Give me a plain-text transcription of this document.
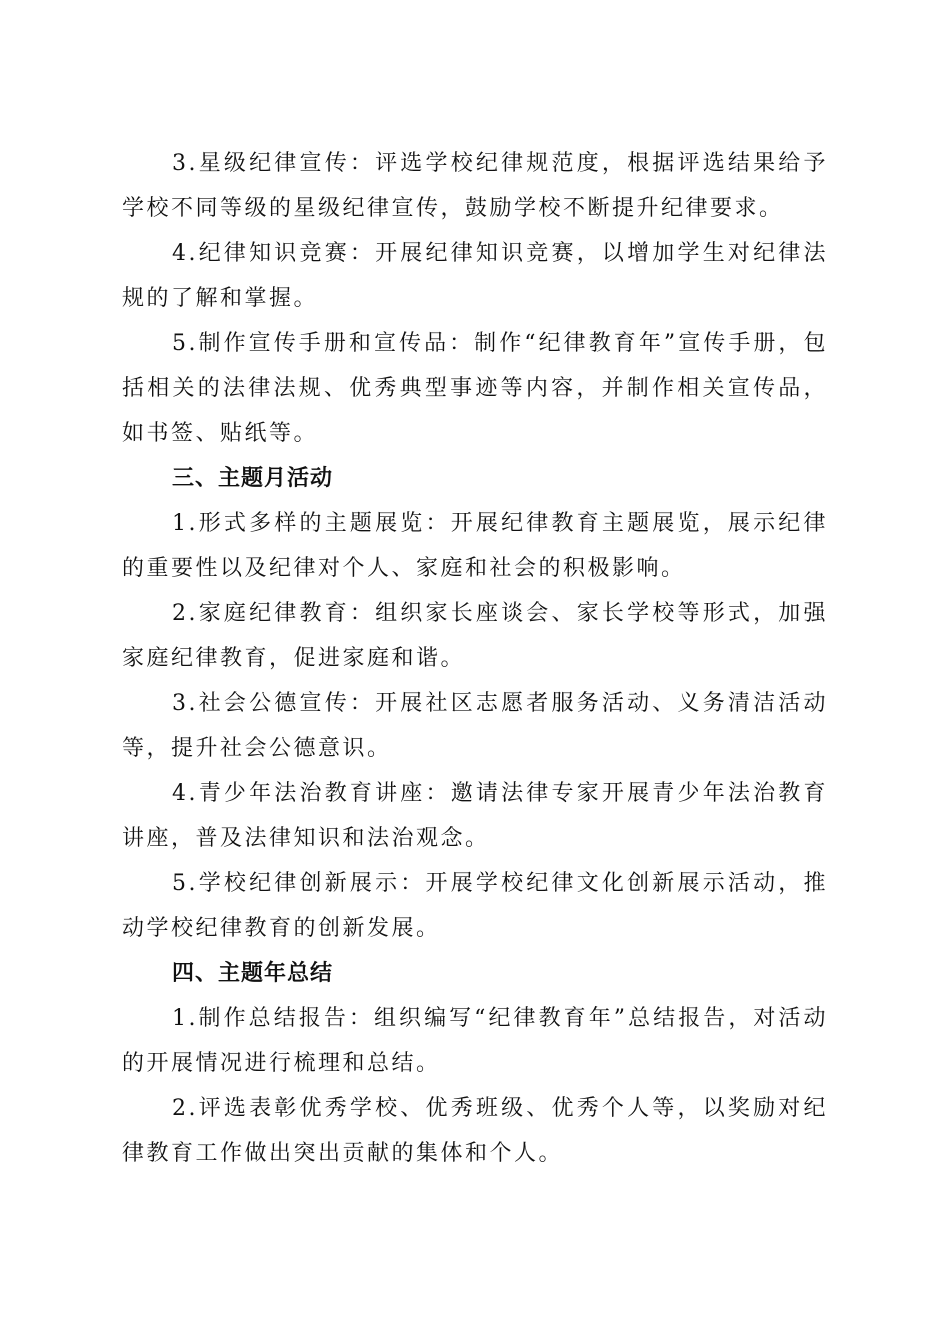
3.星级纪律宣传：评选学校纪律规范度，根据评选结果给予学校不同等级的星级纪律宣传，鼓励学校不断提升纪律要求。

4.纪律知识竞赛：开展纪律知识竞赛，以增加学生对纪律法规的了解和掌握。

5.制作宣传手册和宣传品：制作“纪律教育年”宣传手册，包括相关的法律法规、优秀典型事迹等内容，并制作相关宣传品，如书签、贴纸等。

三、主题月活动

1.形式多样的主题展览：开展纪律教育主题展览，展示纪律的重要性以及纪律对个人、家庭和社会的积极影响。

2.家庭纪律教育：组织家长座谈会、家长学校等形式，加强家庭纪律教育，促进家庭和谐。

3.社会公德宣传：开展社区志愿者服务活动、义务清洁活动等，提升社会公德意识。

4.青少年法治教育讲座：邀请法律专家开展青少年法治教育讲座，普及法律知识和法治观念。

5.学校纪律创新展示：开展学校纪律文化创新展示活动，推动学校纪律教育的创新发展。

四、主题年总结

1.制作总结报告：组织编写“纪律教育年”总结报告，对活动的开展情况进行梳理和总结。

2.评选表彰优秀学校、优秀班级、优秀个人等，以奖励对纪律教育工作做出突出贡献的集体和个人。
